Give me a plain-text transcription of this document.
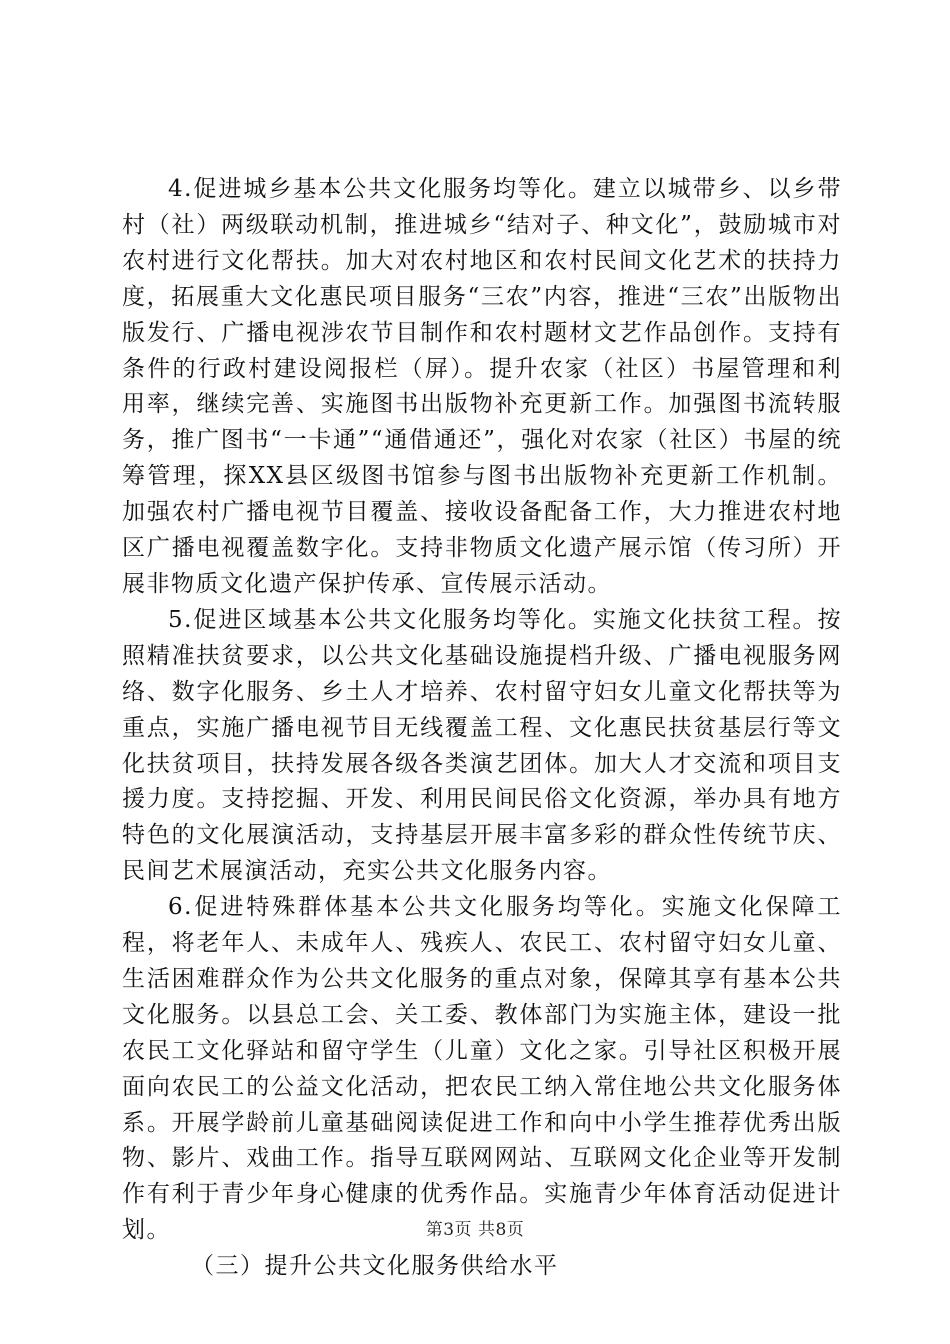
4.促进城乡基本公共文化服务均等化。建立以城带乡、以乡带村（社）两级联动机制，推进城乡“结对子、种文化”，鼓励城市对农村进行文化帮扶。加大对农村地区和农村民间文化艺术的扶持力度，拓展重大文化惠民项目服务“三农”内容，推进“三农”出版物出版发行、广播电视涉农节目制作和农村题材文艺作品创作。支持有条件的行政村建设阅报栏（屏）。提升农家（社区）书屋管理和利用率，继续完善、实施图书出版物补充更新工作。加强图书流转服务，推广图书“一卡通”“通借通还”，强化对农家（社区）书屋的统筹管理，探XX县区级图书馆参与图书出版物补充更新工作机制。加强农村广播电视节目覆盖、接收设备配备工作，大力推进农村地区广播电视覆盖数字化。支持非物质文化遗产展示馆（传习所）开展非物质文化遗产保护传承、宣传展示活动。

5.促进区域基本公共文化服务均等化。实施文化扶贫工程。按照精准扶贫要求，以公共文化基础设施提档升级、广播电视服务网络、数字化服务、乡土人才培养、农村留守妇女儿童文化帮扶等为重点，实施广播电视节目无线覆盖工程、文化惠民扶贫基层行等文化扶贫项目，扶持发展各级各类演艺团体。加大人才交流和项目支援力度。支持挖掘、开发、利用民间民俗文化资源，举办具有地方特色的文化展演活动，支持基层开展丰富多彩的群众性传统节庆、民间艺术展演活动，充实公共文化服务内容。

6.促进特殊群体基本公共文化服务均等化。实施文化保障工程，将老年人、未成年人、残疾人、农民工、农村留守妇女儿童、生活困难群众作为公共文化服务的重点对象，保障其享有基本公共文化服务。以县总工会、关工委、教体部门为实施主体，建设一批农民工文化驿站和留守学生（儿童）文化之家。引导社区积极开展面向农民工的公益文化活动，把农民工纳入常住地公共文化服务体系。开展学龄前儿童基础阅读促进工作和向中小学生推荐优秀出版物、影片、戏曲工作。指导互联网网站、互联网文化企业等开发制作有利于青少年身心健康的优秀作品。实施青少年体育活动促进计划。

（三）提升公共文化服务供给水平

第3页 共8页
